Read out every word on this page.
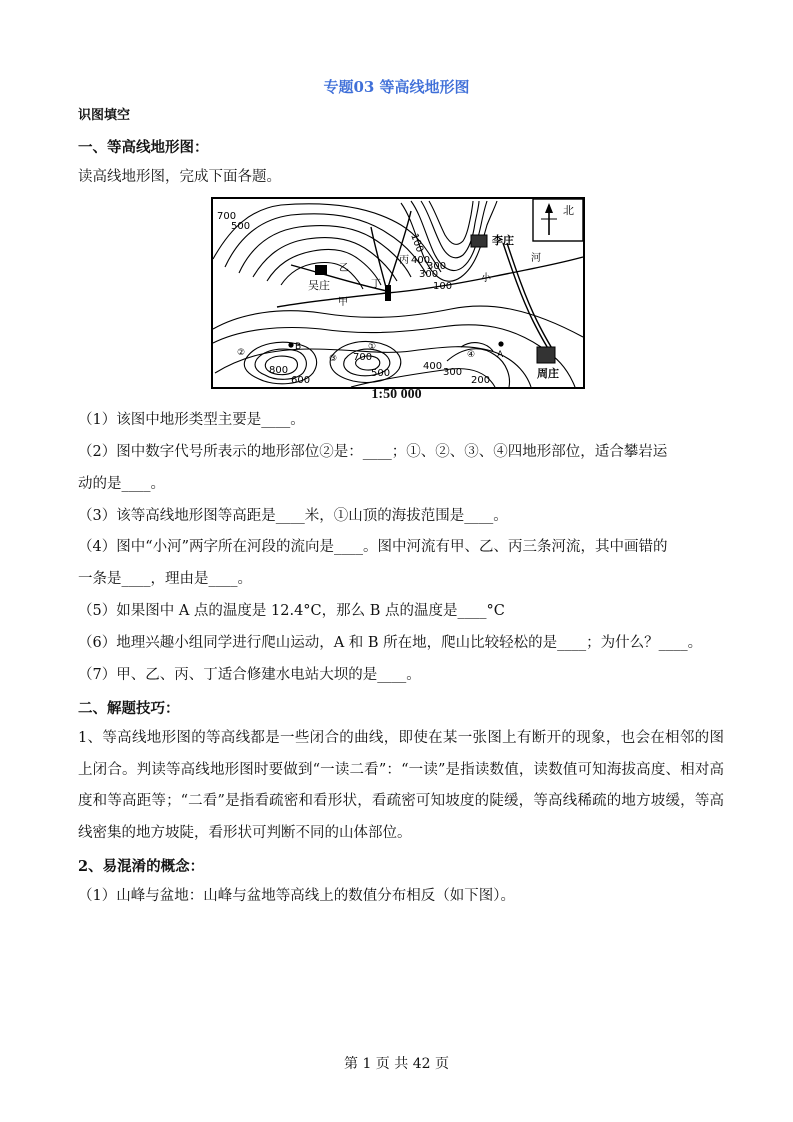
专题03 等高线地形图
识图填空
一、等高线地形图：
读高线地形图，完成下面各题。
北
吴庄
李庄
周庄
乙
甲
丙
丁
小
河
B
A
①
②
③	④
700
500
100
300
400
300
100
700
500
800
600
400
300
200
1:50 000
（1）该图中地形类型主要是____。
（2）图中数字代号所表示的地形部位②是：____；①、②、③、④四地形部位，适合攀岩运
动的是____。
（3）该等高线地形图等高距是____米，①山顶的海拔范围是____。
（4）图中“小河”两字所在河段的流向是____。图中河流有甲、乙、丙三条河流，其中画错的
一条是____，理由是____。
（5）如果图中 A 点的温度是 12.4°C，那么 B 点的温度是____°C
（6）地理兴趣小组同学进行爬山运动，A 和 B 所在地，爬山比较轻松的是____；为什么？____。
（7）甲、乙、丙、丁适合修建水电站大坝的是____。
二、解题技巧：
1、等高线地形图的等高线都是一些闭合的曲线，即使在某一张图上有断开的现象，也会在相邻的图上闭合。判读等高线地形图时要做到“一读二看”：“一读”是指读数值，读数值可知海拔高度、相对高度和等高距等；“二看”是指看疏密和看形状，看疏密可知坡度的陡缓，等高线稀疏的地方坡缓，等高线密集的地方坡陡，看形状可判断不同的山体部位。
2、易混淆的概念：
（1）山峰与盆地：山峰与盆地等高线上的数值分布相反（如下图）。
第 1 页 共 42 页
